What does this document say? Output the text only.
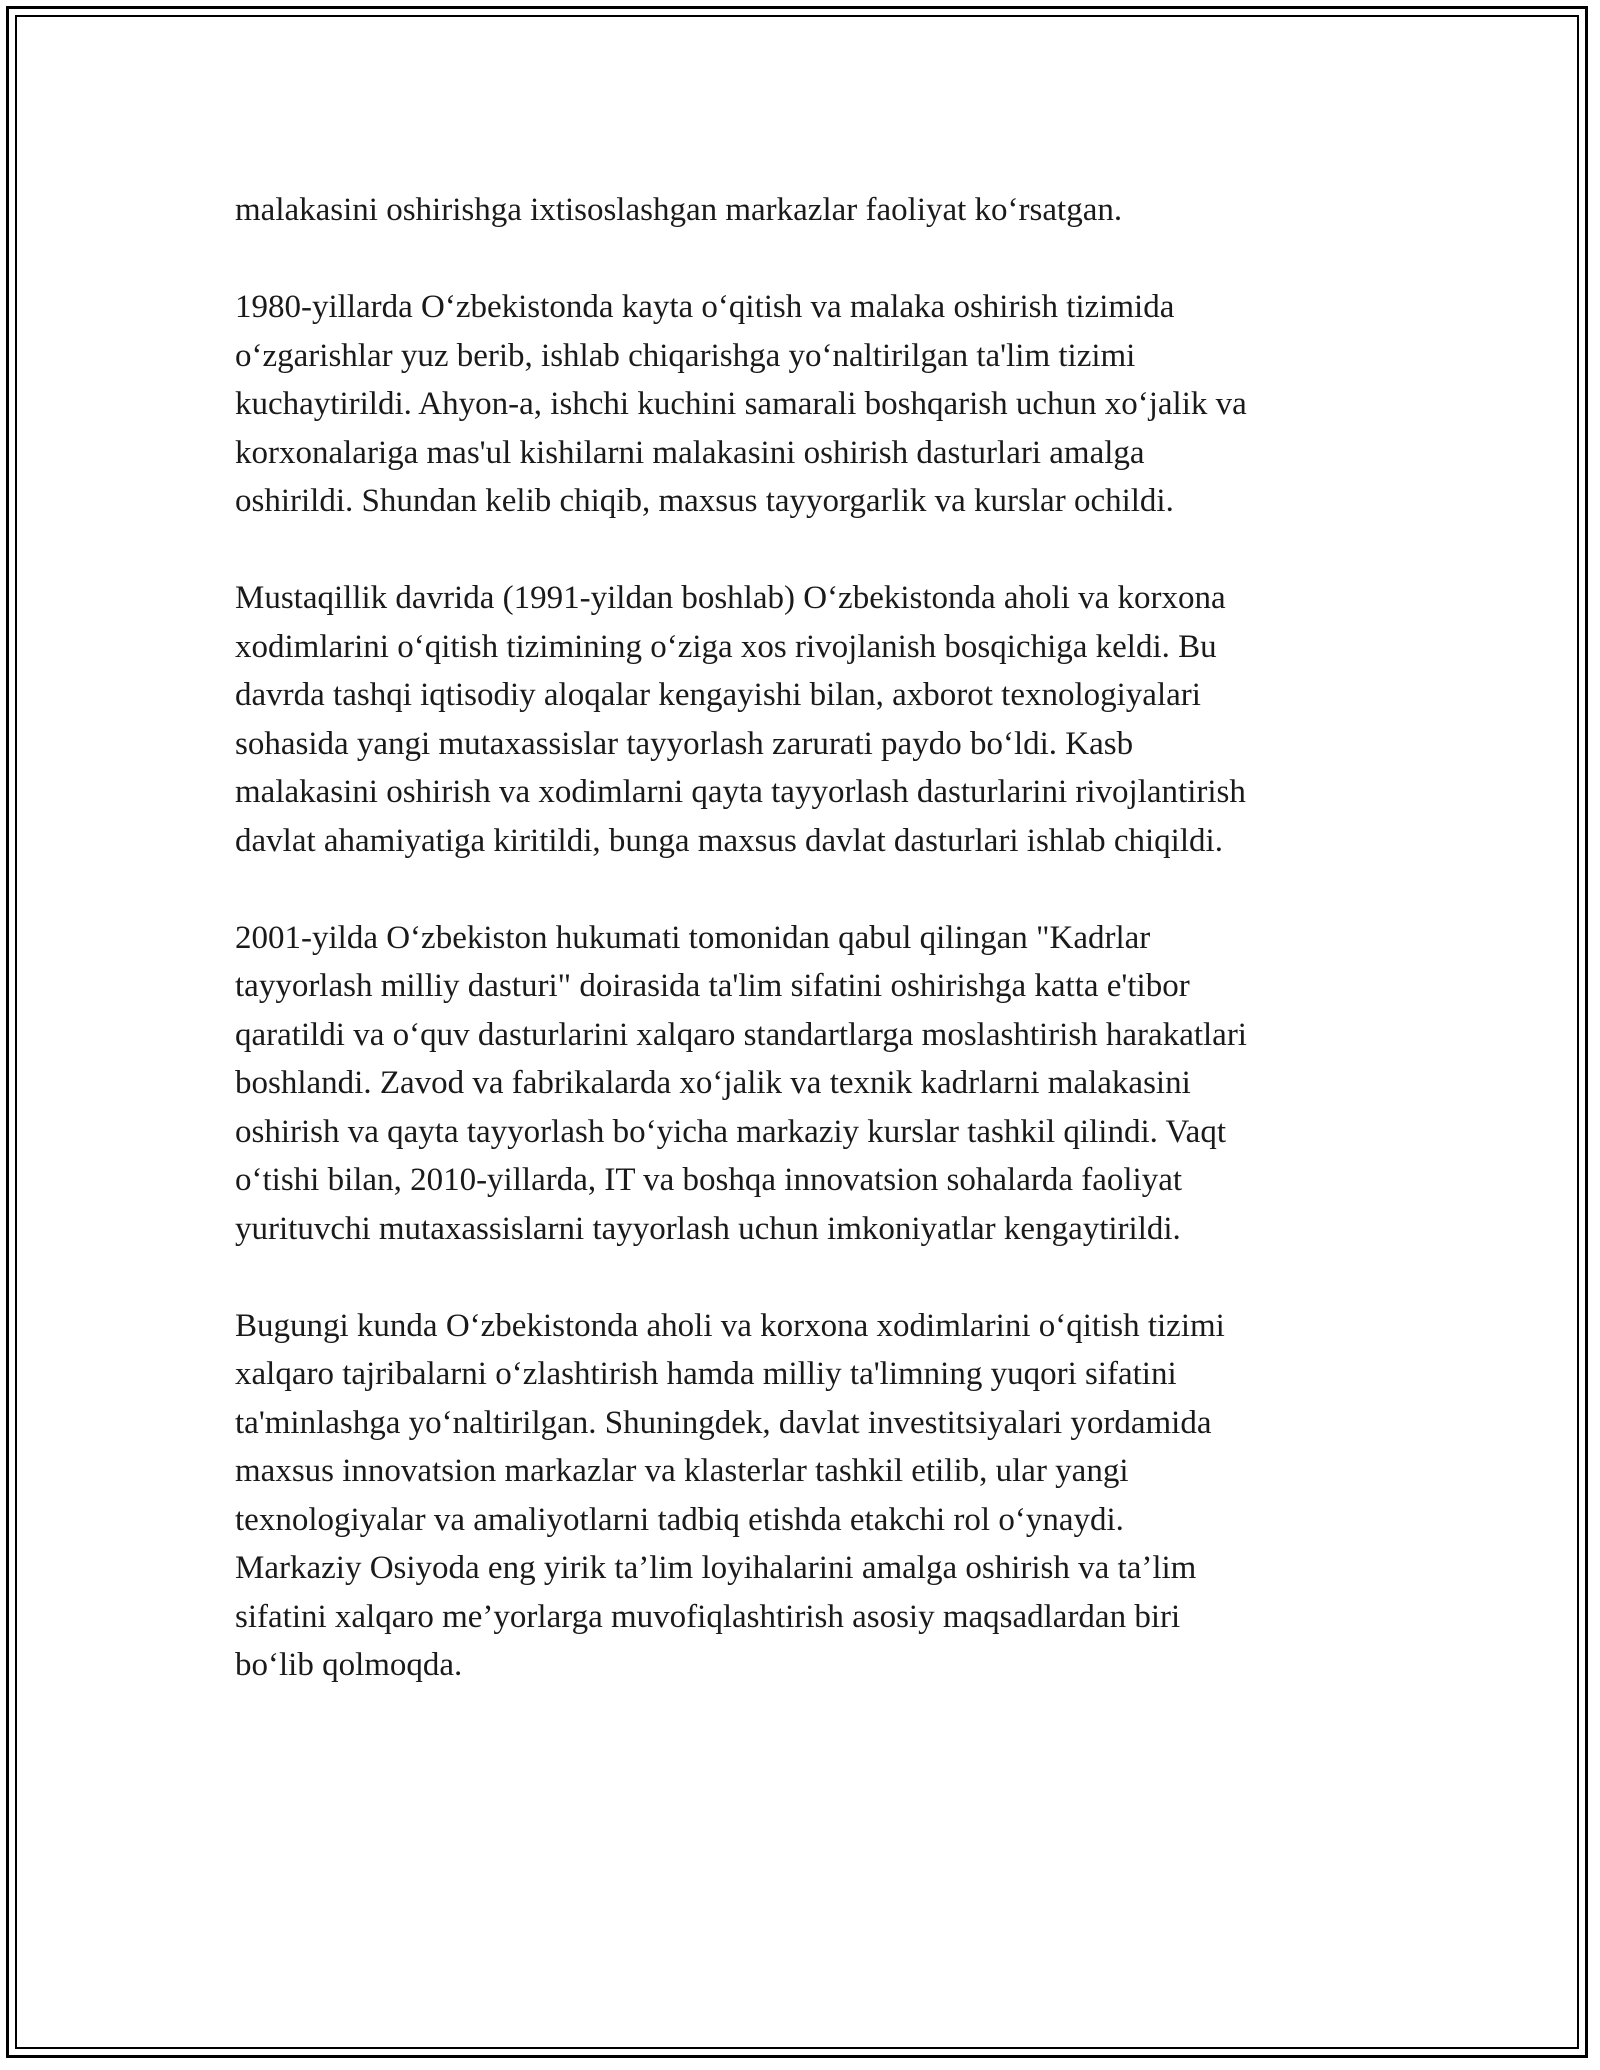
malakasini oshirishga ixtisoslashgan markazlar faoliyat ko‘rsatgan.

1980-yillarda O‘zbekistonda kayta o‘qitish va malaka oshirish tizimida
o‘zgarishlar yuz berib, ishlab chiqarishga yo‘naltirilgan ta'lim tizimi
kuchaytirildi. Ahyon-a, ishchi kuchini samarali boshqarish uchun xo‘jalik va
korxonalariga mas'ul kishilarni malakasini oshirish dasturlari amalga
oshirildi. Shundan kelib chiqib, maxsus tayyorgarlik va kurslar ochildi.

Mustaqillik davrida (1991-yildan boshlab) O‘zbekistonda aholi va korxona
xodimlarini o‘qitish tizimining o‘ziga xos rivojlanish bosqichiga keldi. Bu
davrda tashqi iqtisodiy aloqalar kengayishi bilan, axborot texnologiyalari
sohasida yangi mutaxassislar tayyorlash zarurati paydo bo‘ldi. Kasb
malakasini oshirish va xodimlarni qayta tayyorlash dasturlarini rivojlantirish
davlat ahamiyatiga kiritildi, bunga maxsus davlat dasturlari ishlab chiqildi.

2001-yilda O‘zbekiston hukumati tomonidan qabul qilingan "Kadrlar
tayyorlash milliy dasturi" doirasida ta'lim sifatini oshirishga katta e'tibor
qaratildi va o‘quv dasturlarini xalqaro standartlarga moslashtirish harakatlari
boshlandi. Zavod va fabrikalarda xo‘jalik va texnik kadrlarni malakasini
oshirish va qayta tayyorlash bo‘yicha markaziy kurslar tashkil qilindi. Vaqt
o‘tishi bilan, 2010-yillarda, IT va boshqa innovatsion sohalarda faoliyat
yurituvchi mutaxassislarni tayyorlash uchun imkoniyatlar kengaytirildi.

Bugungi kunda O‘zbekistonda aholi va korxona xodimlarini o‘qitish tizimi
xalqaro tajribalarni o‘zlashtirish hamda milliy ta'limning yuqori sifatini
ta'minlashga yo‘naltirilgan. Shuningdek, davlat investitsiyalari yordamida
maxsus innovatsion markazlar va klasterlar tashkil etilib, ular yangi
texnologiyalar va amaliyotlarni tadbiq etishda etakchi rol o‘ynaydi.
Markaziy Osiyoda eng yirik ta’lim loyihalarini amalga oshirish va ta’lim
sifatini xalqaro me’yorlarga muvofiqlashtirish asosiy maqsadlardan biri
bo‘lib qolmoqda.
